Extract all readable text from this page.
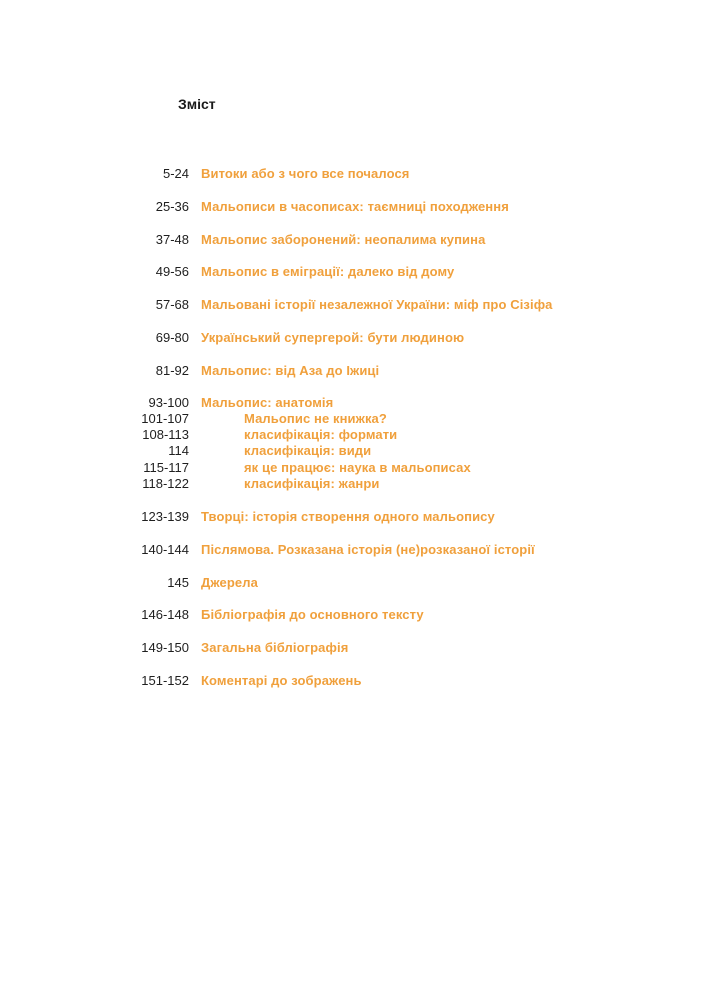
Зміст
5-24 Витоки або з чого все почалося
25-36 Мальописи в часописах: таємниці походження
37-48 Мальопис заборонений: неопалима купина
49-56 Мальопис в еміграції: далеко від дому
57-68 Мальовані історії незалежної України: міф про Сізіфа
69-80 Український супергерой: бути людиною
81-92 Мальопис: від Аза до Іжиці
93-100 Мальопис: анатомія
101-107	Мальопис не книжка?
108-113	класифікація: формати
114	класифікація: види
115-117	як це працює: наука в мальописах
118-122	класифікація: жанри
123-139 Творці: історія створення одного мальопису
140-144 Післямова. Розказана історія (не)розказаної історії
145 Джерела
146-148 Бібліографія до основного тексту
149-150 Загальна бібліографія
151-152 Коментарі до зображень
